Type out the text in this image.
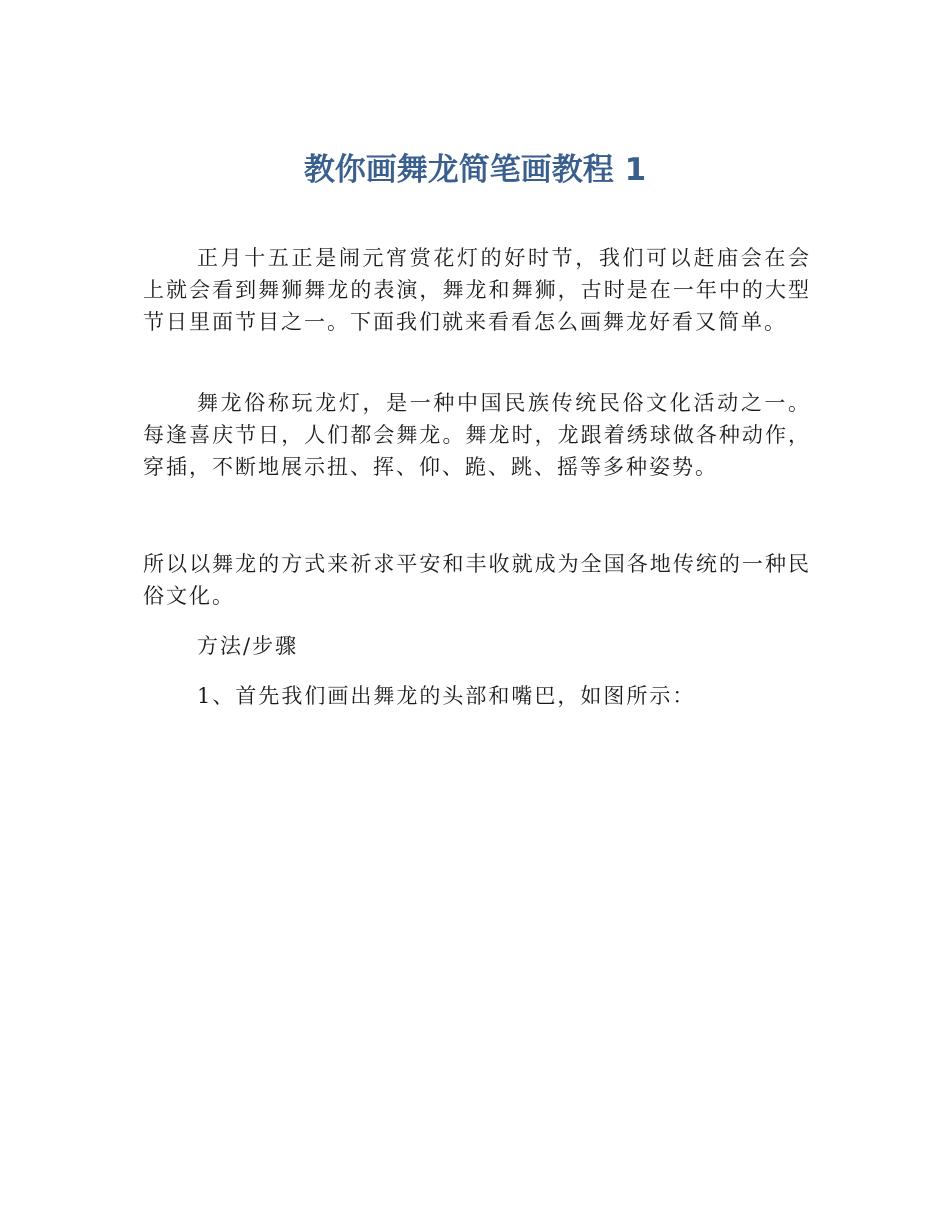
教你画舞龙简笔画教程 1

正月十五正是闹元宵赏花灯的好时节，我们可以赶庙会在会上就会看到舞狮舞龙的表演，舞龙和舞狮，古时是在一年中的大型节日里面节目之一。下面我们就来看看怎么画舞龙好看又简单。

舞龙俗称玩龙灯，是一种中国民族传统民俗文化活动之一。每逢喜庆节日，人们都会舞龙。舞龙时，龙跟着绣球做各种动作，穿插，不断地展示扭、挥、仰、跪、跳、摇等多种姿势。

所以以舞龙的方式来祈求平安和丰收就成为全国各地传统的一种民俗文化。

方法/步骤

1、首先我们画出舞龙的头部和嘴巴，如图所示：
